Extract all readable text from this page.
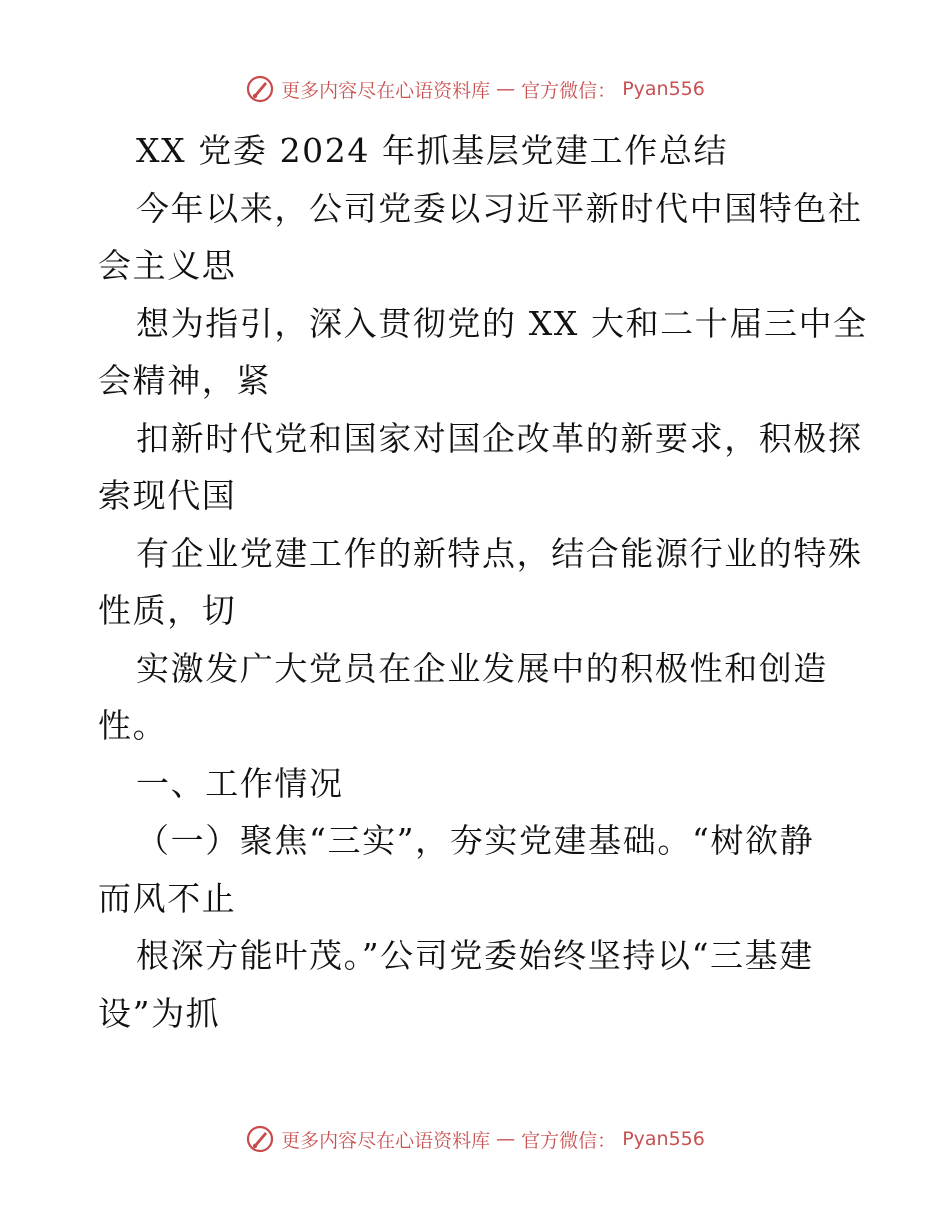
更多内容尽在心语资料库 — 官方微信： Pyan556
XX 党委 2024 年抓基层党建工作总结
今年以来，公司党委以习近平新时代中国特色社
会主义思
想为指引，深入贯彻党的 XX 大和二十届三中全
会精神，紧
扣新时代党和国家对国企改革的新要求，积极探
索现代国
有企业党建工作的新特点，结合能源行业的特殊
性质，切
实激发广大党员在企业发展中的积极性和创造
性。
一、工作情况
（一）聚焦“三实”，夯实党建基础。“树欲静
而风不止
根深方能叶茂。”公司党委始终坚持以“三基建
设”为抓
更多内容尽在心语资料库 — 官方微信： Pyan556
